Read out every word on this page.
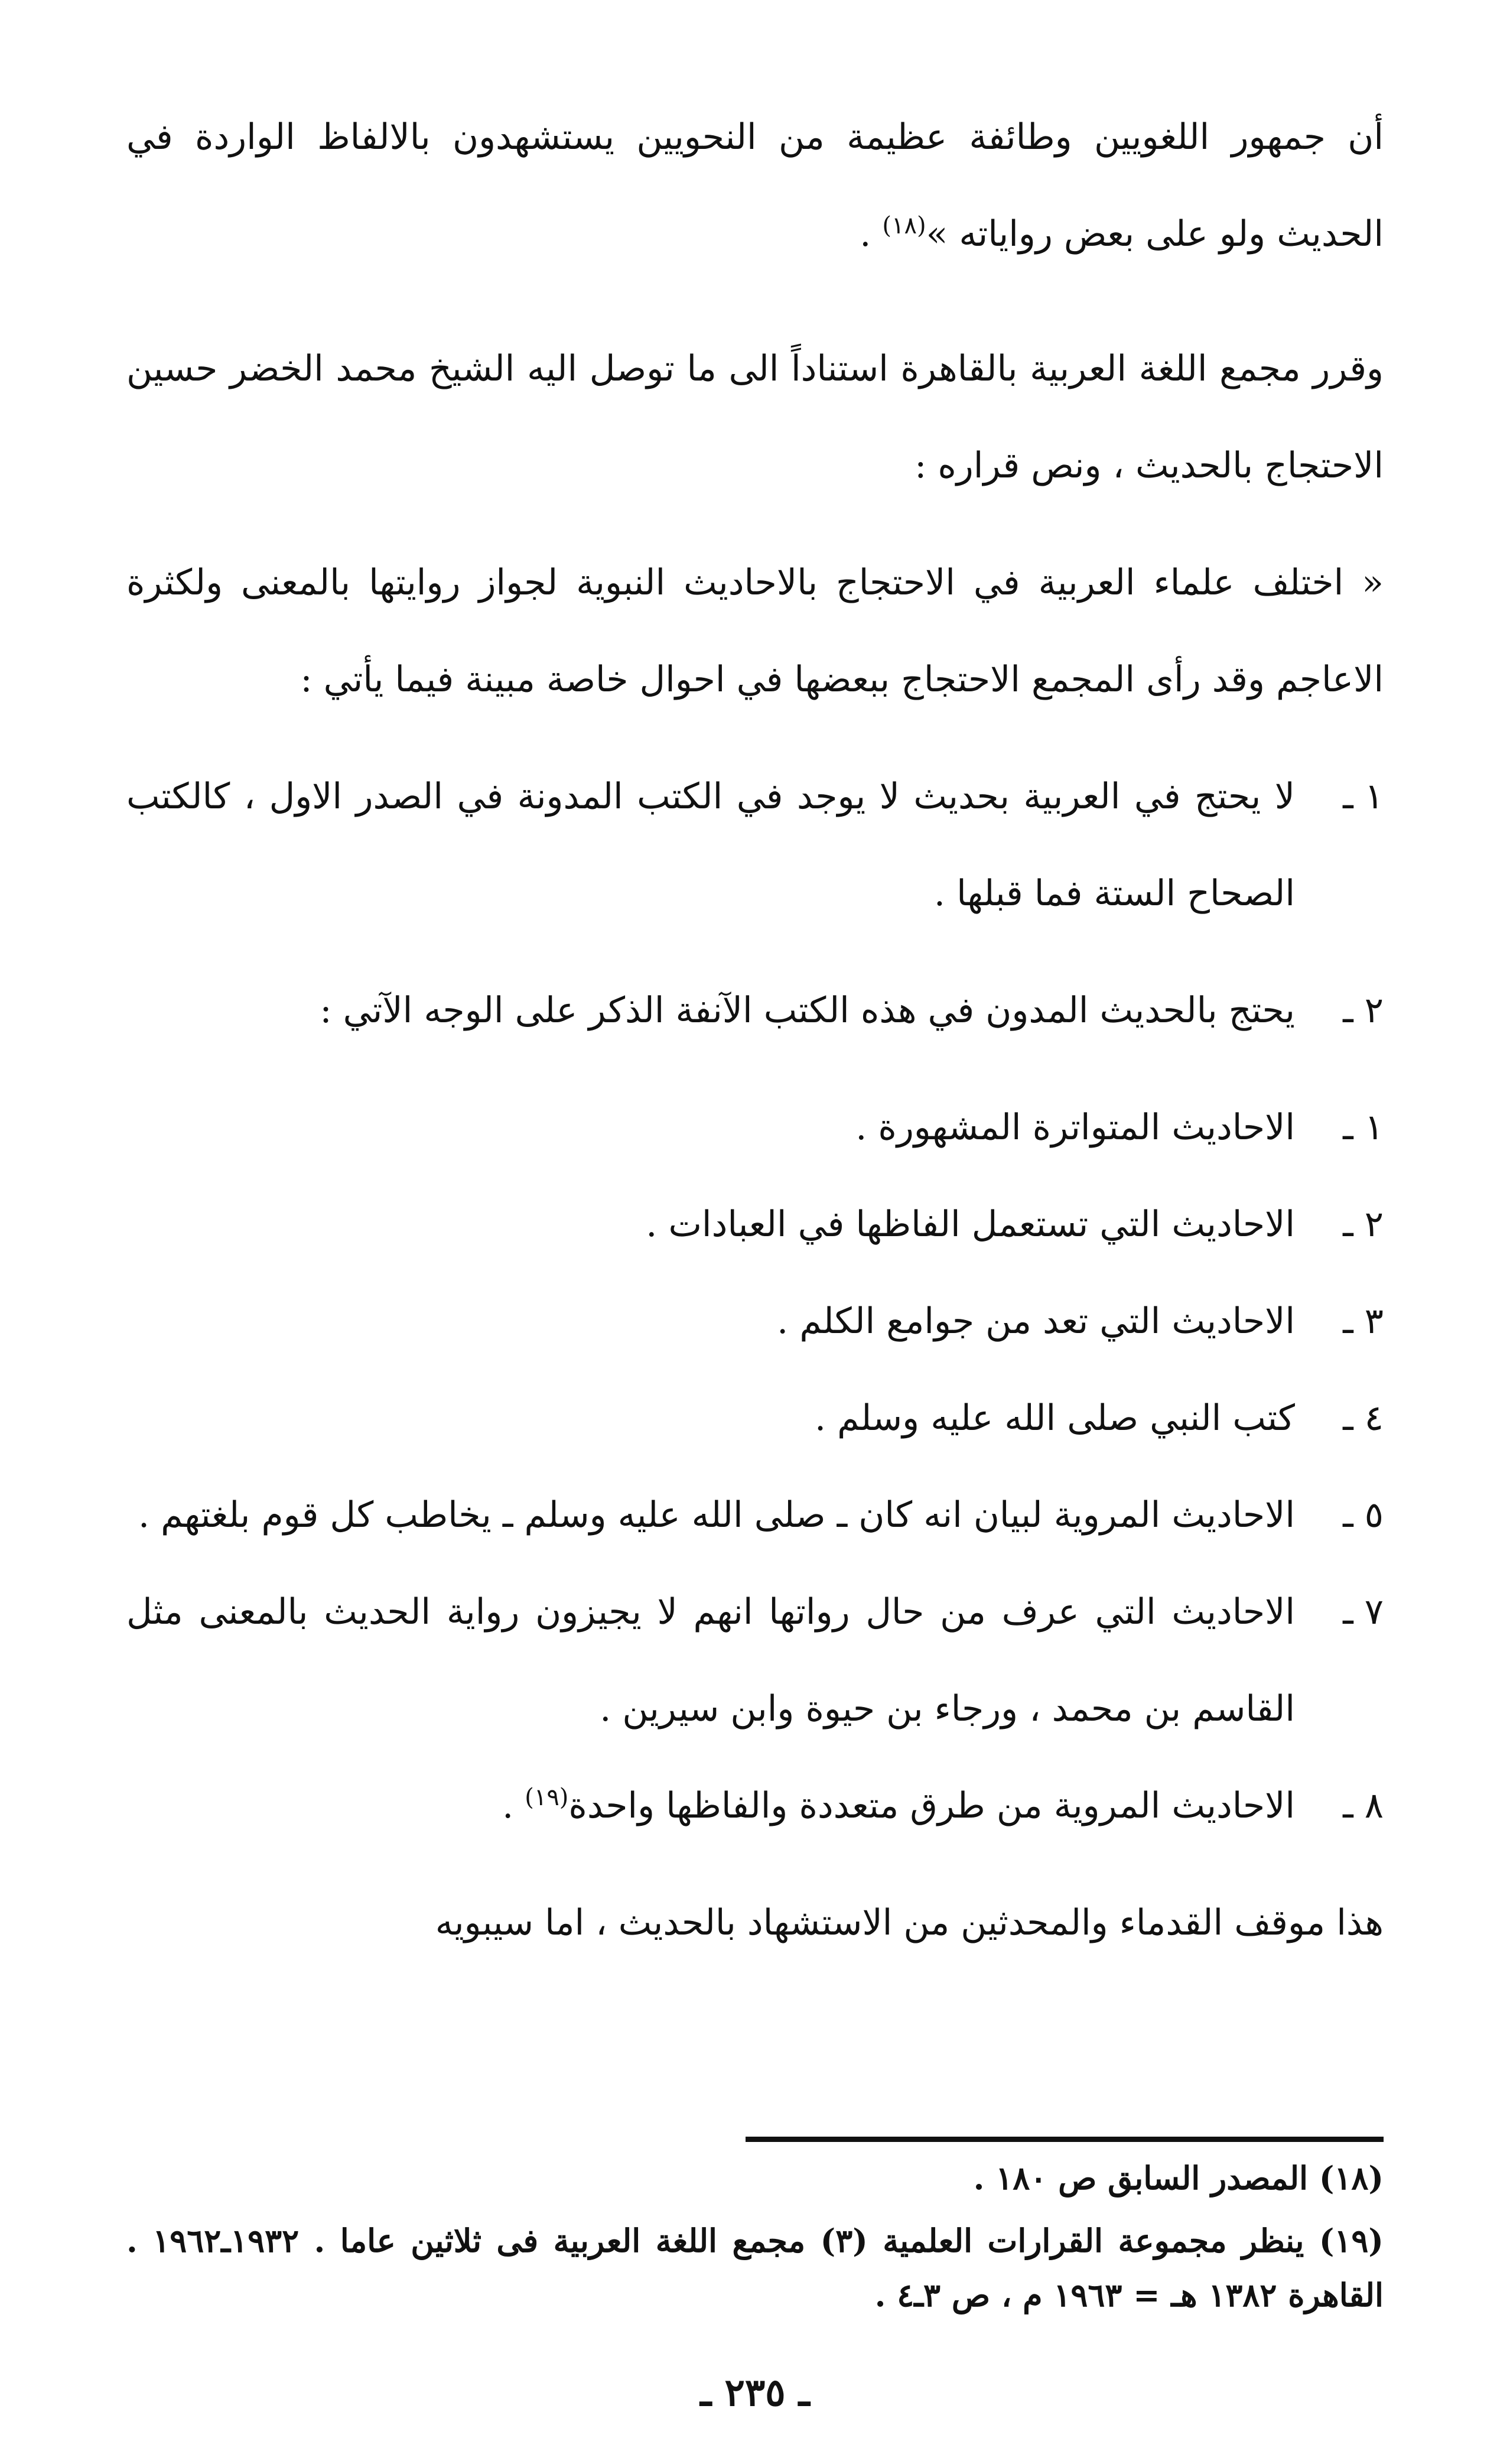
أن جمهور اللغويين وطائفة عظيمة من النحويين يستشهدون بالالفاظ الواردة في الحديث ولو على بعض رواياته »$^{(١٨)}$ .

وقرر مجمع اللغة العربية بالقاهرة استناداً الى ما توصل اليه الشيخ محمد الخضر حسين الاحتجاج بالحديث ، ونص قراره :

« اختلف علماء العربية في الاحتجاج بالاحاديث النبوية لجواز روايتها بالمعنى ولكثرة الاعاجم وقد رأى المجمع الاحتجاج ببعضها في احوال خاصة مبينة فيما يأتي :

١ ـ
لا يحتج في العربية بحديث لا يوجد في الكتب المدونة في الصدر الاول ، كالكتب الصحاح الستة فما قبلها .
٢ ـ
يحتج بالحديث المدون في هذه الكتب الآنفة الذكر على الوجه الآتي :
١ ـ
الاحاديث المتواترة المشهورة .
٢ ـ
الاحاديث التي تستعمل الفاظها في العبادات .
٣ ـ
الاحاديث التي تعد من جوامع الكلم .
٤ ـ
كتب النبي صلى الله عليه وسلم .
٥ ـ
الاحاديث المروية لبيان انه كان ـ صلى الله عليه وسلم ـ يخاطب كل قوم بلغتهم .
٧ ـ
الاحاديث التي عرف من حال رواتها انهم لا يجيزون رواية الحديث بالمعنى مثل القاسم بن محمد ، ورجاء بن حيوة وابن سيرين .
٨ ـ
الاحاديث المروية من طرق متعددة والفاظها واحدة$^{(١٩)}$ .

هذا موقف القدماء والمحدثين من الاستشهاد بالحديث ، اما سيبويه

(١٨) المصدر السابق ص ١٨٠ .

(١٩) ينظر مجموعة القرارات العلمية (٣) مجمع اللغة العربية فى ثلاثين عاما . ١٩٣٢ـ١٩٦٢ . القاهرة ١٣٨٢ هـ = ١٩٦٣ م ، ص ٣ـ٤ .

ـ ٢٣٥ ـ
